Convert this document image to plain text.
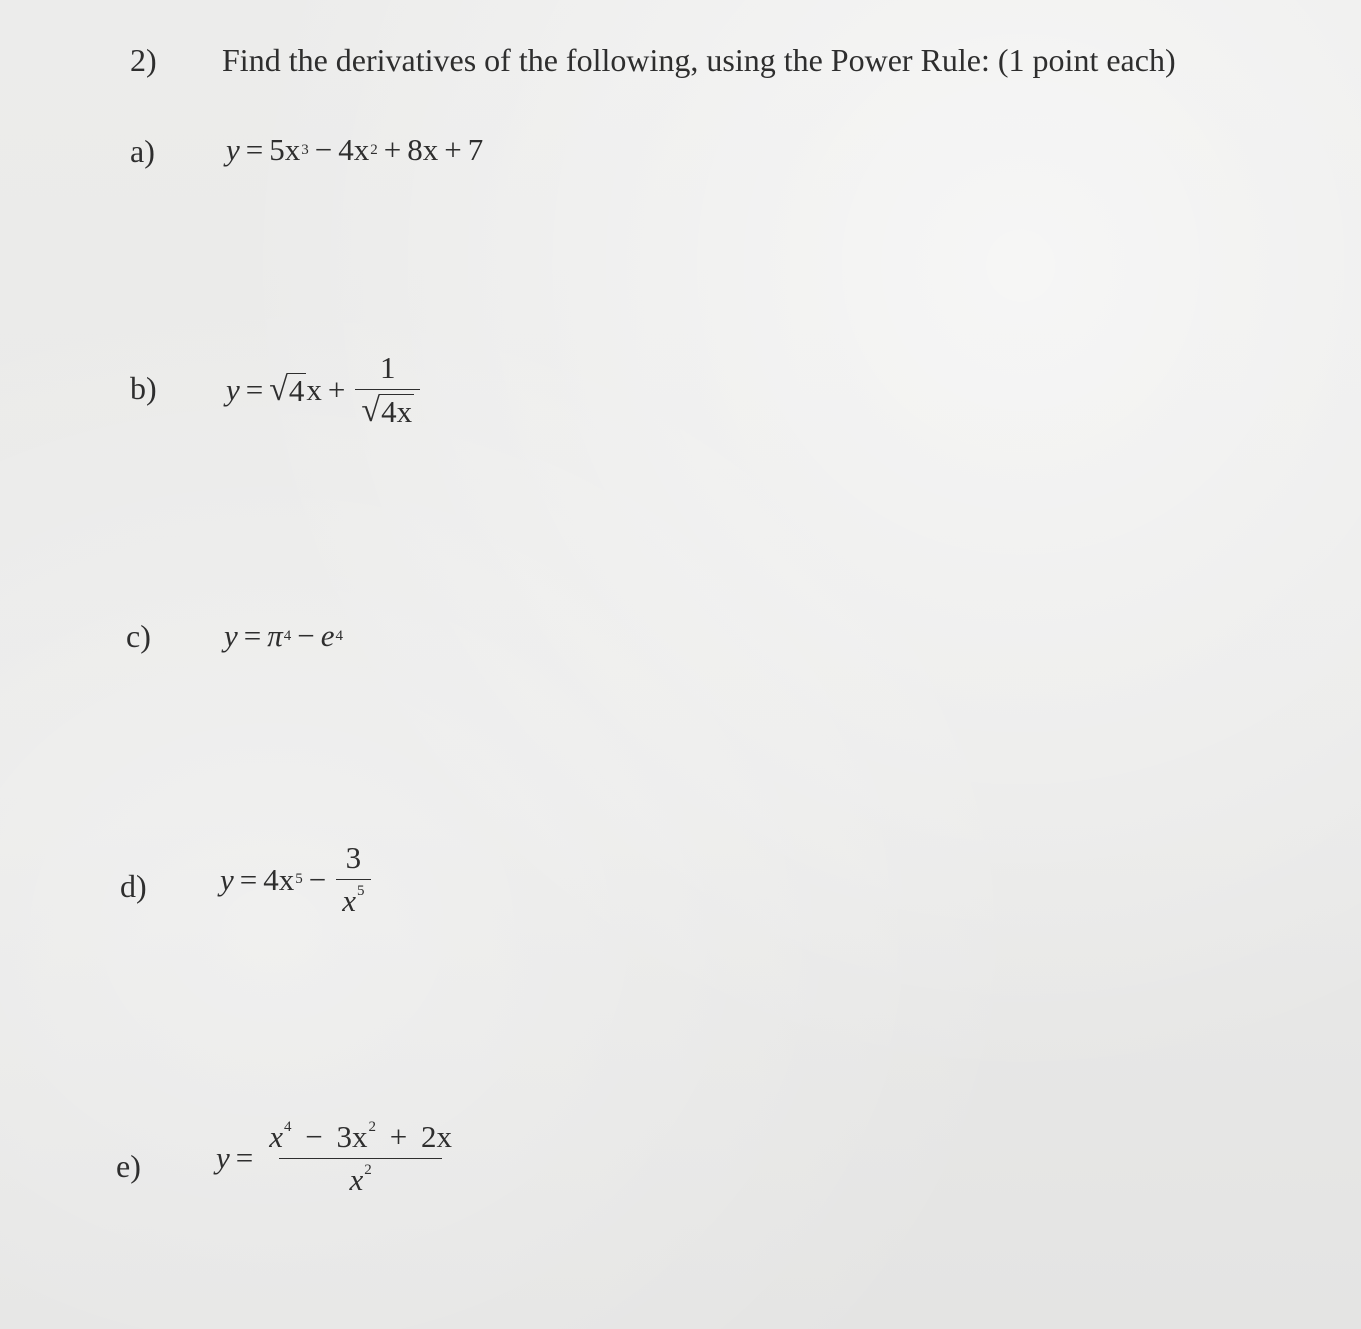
2) Find the derivatives of the following, using the Power Rule: (1 point each)
a) y = 5x 3 − 4x 2 + 8x + 7
b) y = √ 4 $x + \frac{1}{√ 4x}$
c) y = π 4 − e 4
d) y = 4x $5 - \frac{3}{x^5}$
e) $y = \frac{x^4 - 3x^2 + 2x}{x^2}$
